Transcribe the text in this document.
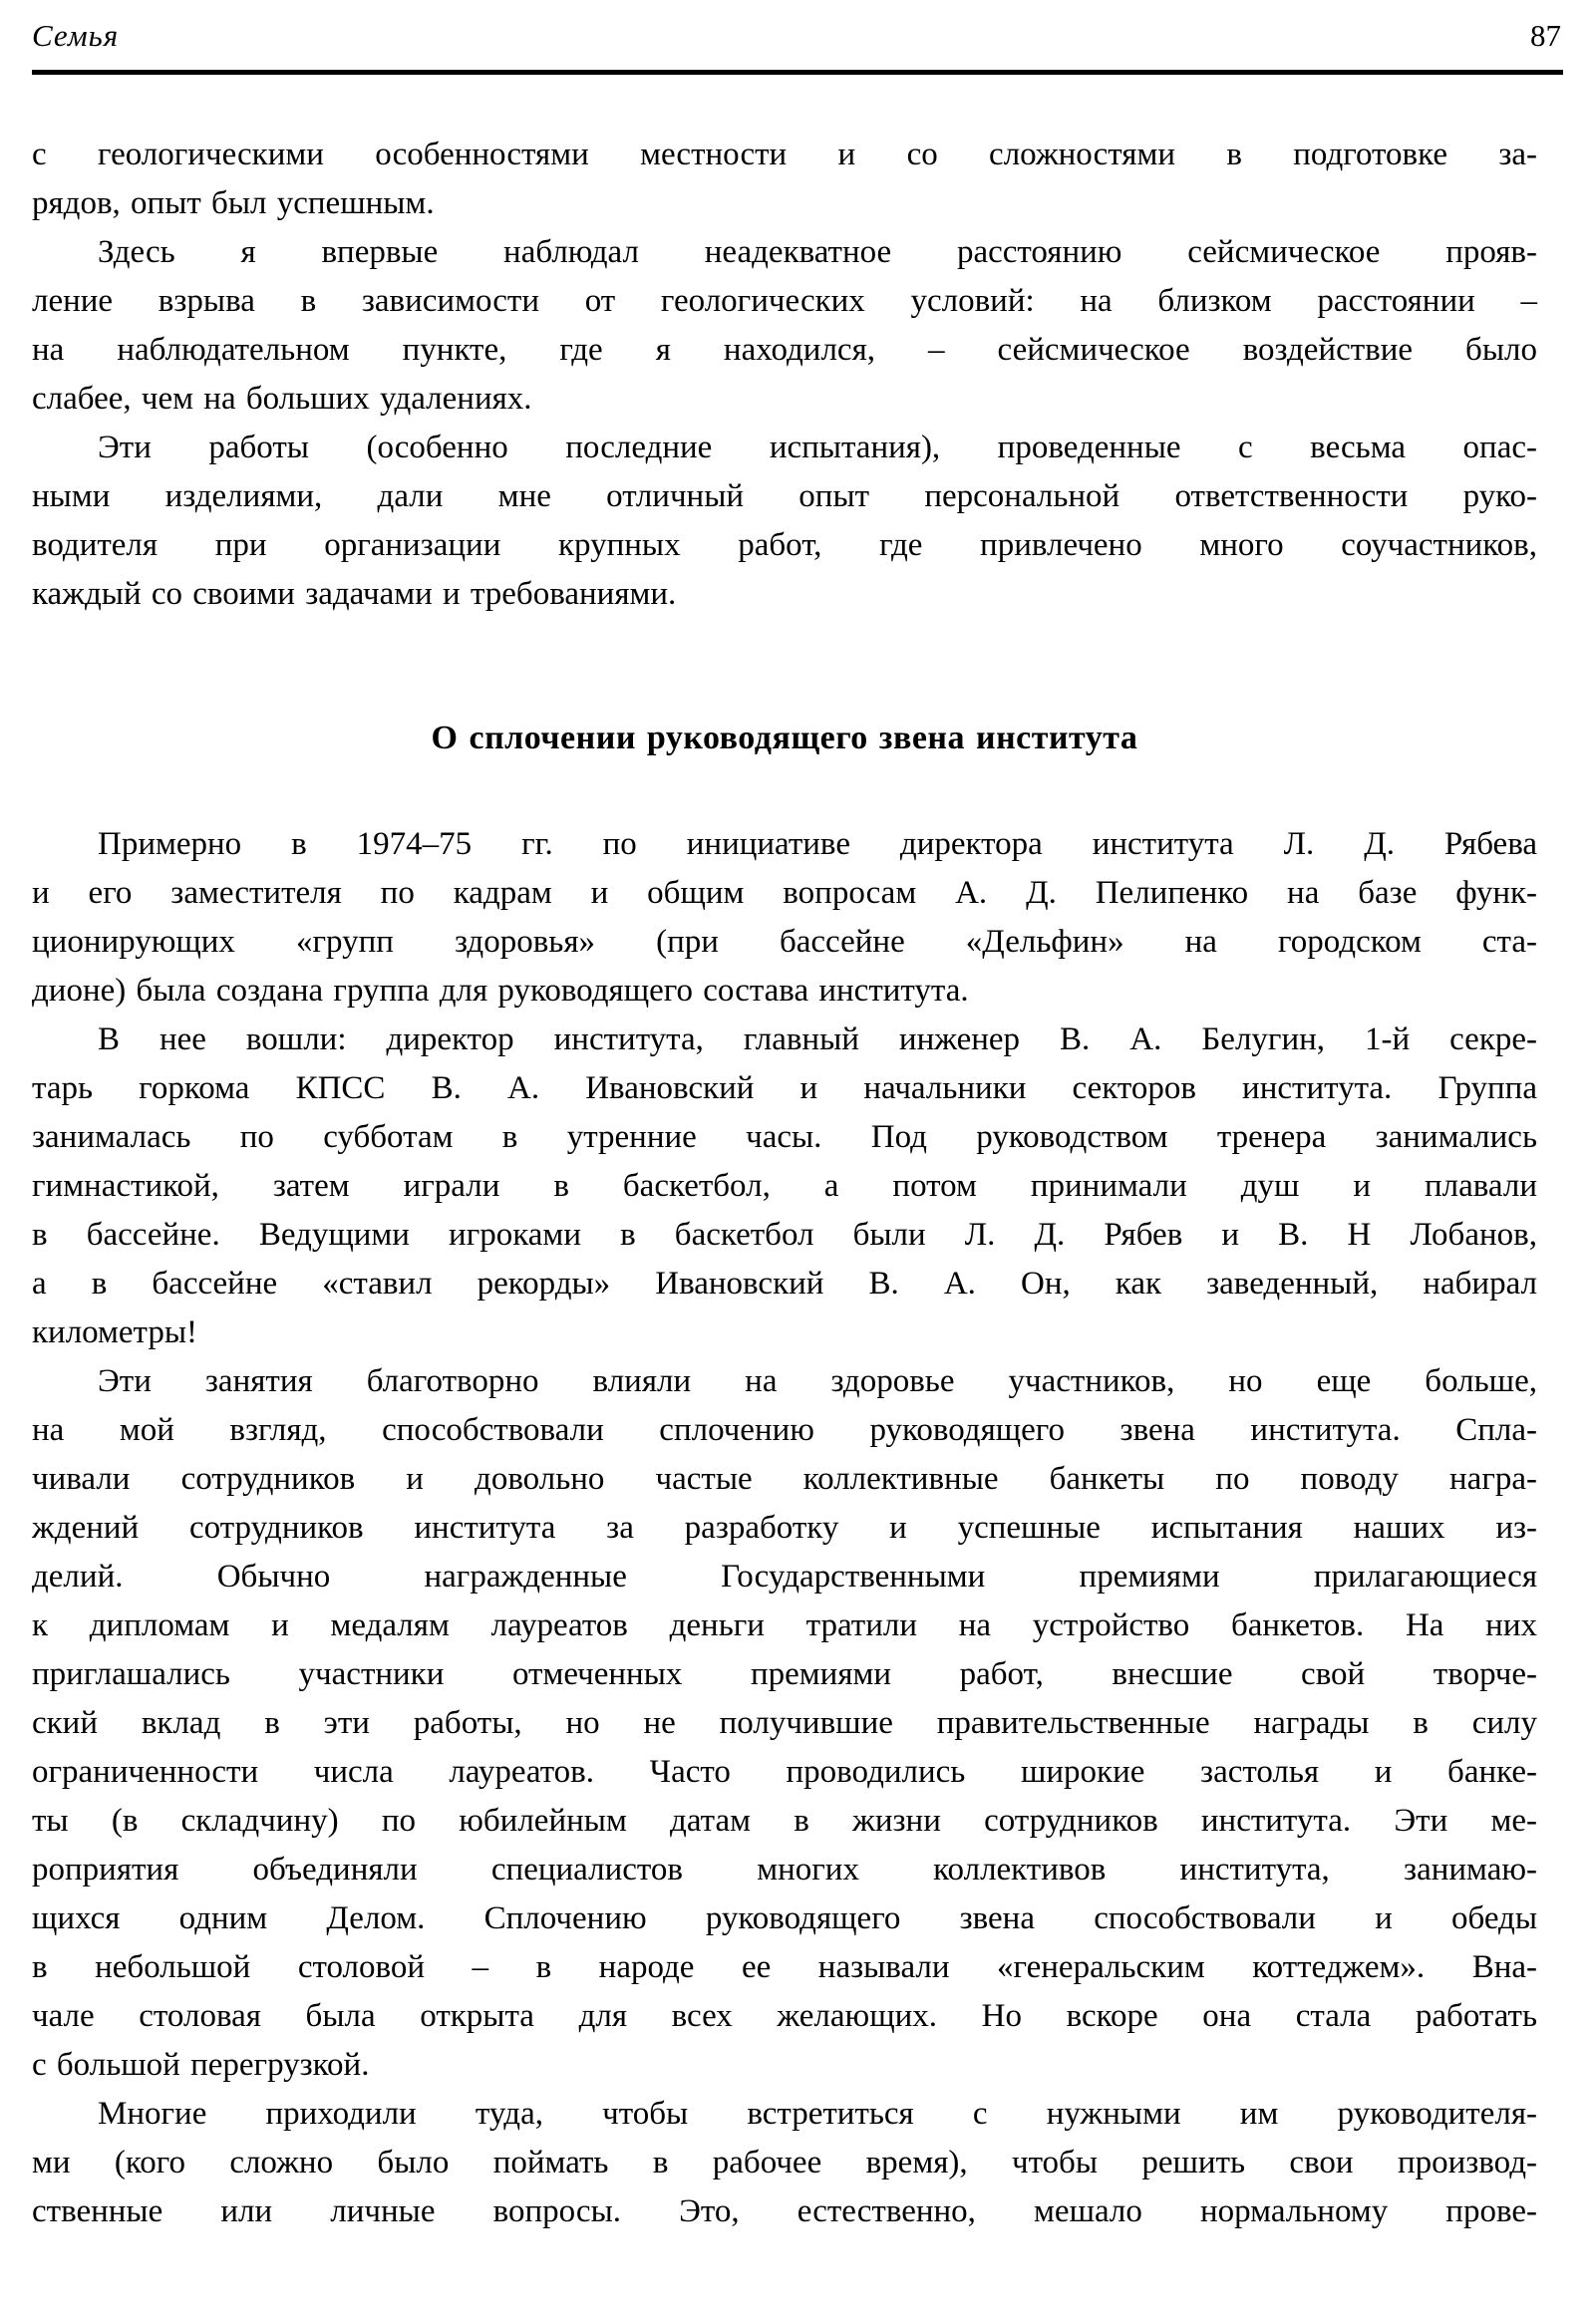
Семья	87

с геологическими особенностями местности и со сложностями в подготовке за-
рядов, опыт был успешным.

Здесь я впервые наблюдал неадекватное расстоянию сейсмическое прояв-
ление взрыва в зависимости от геологических условий: на близком расстоянии –
на наблюдательном пункте, где я находился, – сейсмическое воздействие было
слабее, чем на больших удалениях.

Эти работы (особенно последние испытания), проведенные с весьма опас-
ными изделиями, дали мне отличный опыт персональной ответственности руко-
водителя при организации крупных работ, где привлечено много соучастников,
каждый со своими задачами и требованиями.

О сплочении руководящего звена института

Примерно в 1974–75 гг. по инициативе директора института Л. Д. Рябева
и его заместителя по кадрам и общим вопросам А. Д. Пелипенко на базе функ-
ционирующих «групп здоровья» (при бассейне «Дельфин» на городском ста-
дионе) была создана группа для руководящего состава института.

В нее вошли: директор института, главный инженер В. А. Белугин, 1-й секре-
тарь горкома КПСС В. А. Ивановский и начальники секторов института. Группа
занималась по субботам в утренние часы. Под руководством тренера занимались
гимнастикой, затем играли в баскетбол, а потом принимали душ и плавали
в бассейне. Ведущими игроками в баскетбол были Л. Д. Рябев и В. Н Лобанов,
а в бассейне «ставил рекорды» Ивановский В. А. Он, как заведенный, набирал
километры!

Эти занятия благотворно влияли на здоровье участников, но еще больше,
на мой взгляд, способствовали сплочению руководящего звена института. Спла-
чивали сотрудников и довольно частые коллективные банкеты по поводу награ-
ждений сотрудников института за разработку и успешные испытания наших из-
делий. Обычно награжденные Государственными премиями прилагающиеся
к дипломам и медалям лауреатов деньги тратили на устройство банкетов. На них
приглашались участники отмеченных премиями работ, внесшие свой творче-
ский вклад в эти работы, но не получившие правительственные награды в силу
ограниченности числа лауреатов. Часто проводились широкие застолья и банке-
ты (в складчину) по юбилейным датам в жизни сотрудников института. Эти ме-
роприятия объединяли специалистов многих коллективов института, занимаю-
щихся одним Делом. Сплочению руководящего звена способствовали и обеды
в небольшой столовой – в народе ее называли «генеральским коттеджем». Вна-
чале столовая была открыта для всех желающих. Но вскоре она стала работать
с большой перегрузкой.

Многие приходили туда, чтобы встретиться с нужными им руководителя-
ми (кого сложно было поймать в рабочее время), чтобы решить свои производ-
ственные или личные вопросы. Это, естественно, мешало нормальному прове-
